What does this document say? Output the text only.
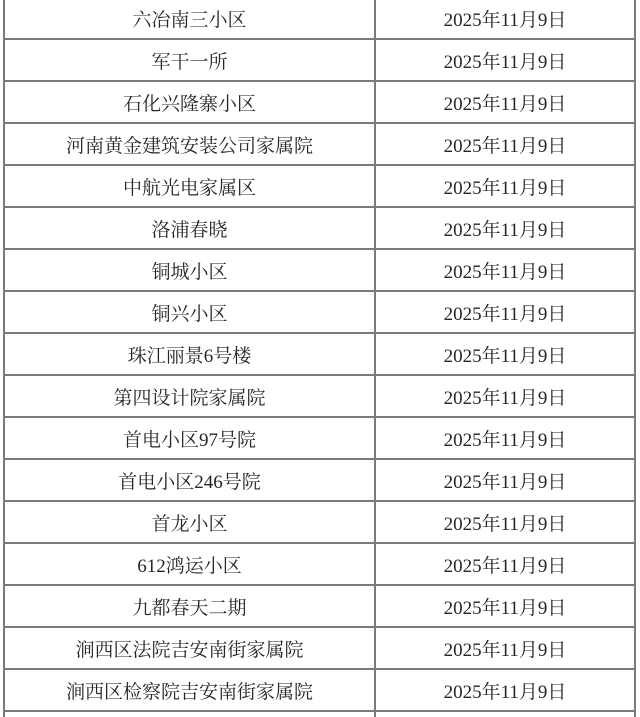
六冶南三小区	2025年11月9日
军干一所	2025年11月9日
石化兴隆寨小区	2025年11月9日
河南黄金建筑安装公司家属院	2025年11月9日
中航光电家属区	2025年11月9日
洛浦春晓	2025年11月9日
铜城小区	2025年11月9日
铜兴小区	2025年11月9日
珠江丽景6号楼	2025年11月9日
第四设计院家属院	2025年11月9日
首电小区97号院	2025年11月9日
首电小区246号院	2025年11月9日
首龙小区	2025年11月9日
612鸿运小区	2025年11月9日
九都春天二期	2025年11月9日
涧西区法院吉安南街家属院	2025年11月9日
涧西区检察院吉安南街家属院	2025年11月9日
